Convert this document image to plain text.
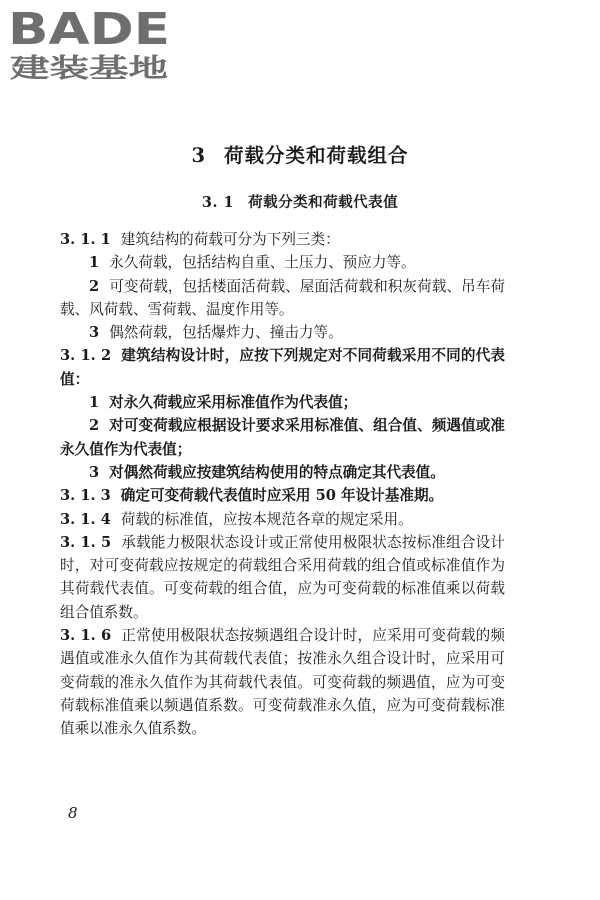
BADE
建装基地
3 荷载分类和荷载组合
3. 1 荷载分类和荷载代表值

3. 1. 1 建筑结构的荷载可分为下列三类：

1 永久荷载，包括结构自重、土压力、预应力等。

2 可变荷载，包括楼面活荷载、屋面活荷载和积灰荷载、吊车荷载、风荷载、雪荷载、温度作用等。

3 偶然荷载，包括爆炸力、撞击力等。

3. 1. 2 建筑结构设计时，应按下列规定对不同荷载采用不同的代表值：

1 对永久荷载应采用标准值作为代表值；

2 对可变荷载应根据设计要求采用标准值、组合值、频遇值或准永久值作为代表值；

3 对偶然荷载应按建筑结构使用的特点确定其代表值。

3. 1. 3 确定可变荷载代表值时应采用 50 年设计基准期。

3. 1. 4 荷载的标准值，应按本规范各章的规定采用。

3. 1. 5 承载能力极限状态设计或正常使用极限状态按标准组合设计时，对可变荷载应按规定的荷载组合采用荷载的组合值或标准值作为其荷载代表值。可变荷载的组合值，应为可变荷载的标准值乘以荷载组合值系数。

3. 1. 6 正常使用极限状态按频遇组合设计时，应采用可变荷载的频遇值或准永久值作为其荷载代表值；按准永久组合设计时，应采用可变荷载的准永久值作为其荷载代表值。可变荷载的频遇值，应为可变荷载标准值乘以频遇值系数。可变荷载准永久值，应为可变荷载标准值乘以准永久值系数。

8
